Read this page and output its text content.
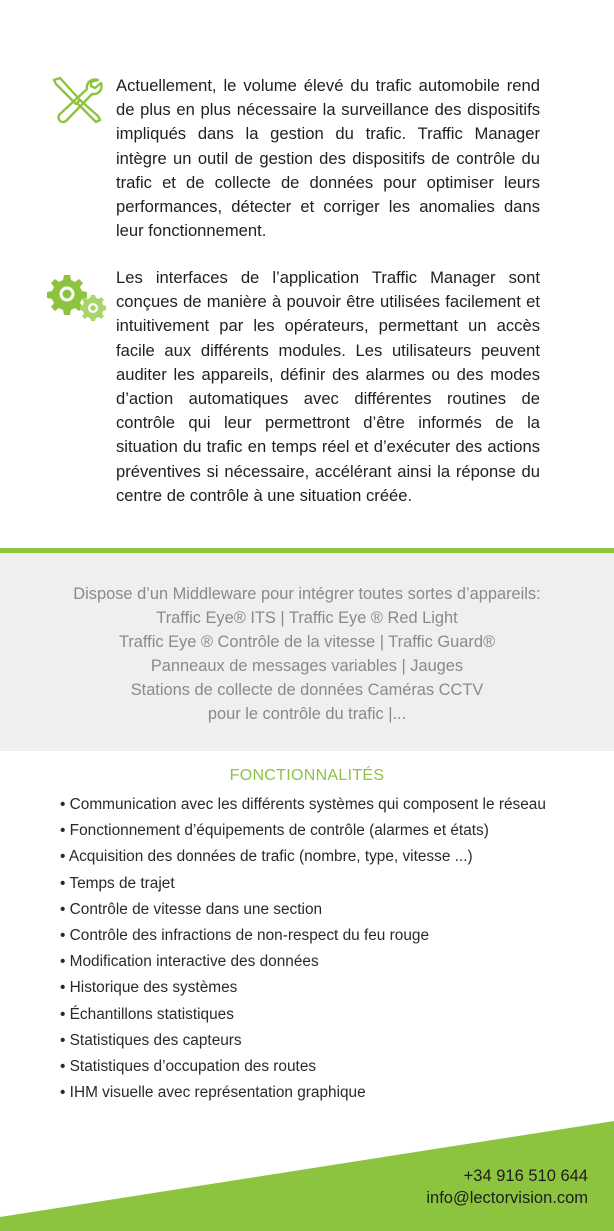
Actuellement, le volume élevé du trafic automobile rend de plus en plus nécessaire la surveillance des dispositifs impliqués dans la gestion du trafic. Traffic Manager intègre un outil de gestion des dispositifs de contrôle du trafic et de collecte de données pour optimiser leurs performances, détecter et corriger les anomalies dans leur fonctionnement.
Les interfaces de l’application Traffic Manager sont conçues de manière à pouvoir être utilisées facilement et intuitivement par les opérateurs, permettant un accès facile aux différents modules. Les utilisateurs peuvent auditer les appareils, définir des alarmes ou des modes d’action automatiques avec différentes routines de contrôle qui leur permettront d’être informés de la situation du trafic en temps réel et d’exécuter des actions préventives si nécessaire, accélérant ainsi la réponse du centre de contrôle à une situation créée.
Dispose d’un Middleware pour intégrer toutes sortes d’appareils:
Traffic Eye® ITS | Traffic Eye ® Red Light
Traffic Eye ® Contrôle de la vitesse | Traffic Guard®
Panneaux de messages variables | Jauges
Stations de collecte de données Caméras CCTV
pour le contrôle du trafic |...
FONCTIONNALITÉS
• Communication avec les différents systèmes qui composent le réseau
• Fonctionnement d’équipements de contrôle (alarmes et états)
• Acquisition des données de trafic (nombre, type, vitesse ...)
• Temps de trajet
• Contrôle de vitesse dans une section
• Contrôle des infractions de non-respect du feu rouge
• Modification interactive des données
• Historique des systèmes
• Échantillons statistiques
• Statistiques des capteurs
• Statistiques d’occupation des routes
• IHM visuelle avec représentation graphique
+34 916 510 644
info@lectorvision.com
